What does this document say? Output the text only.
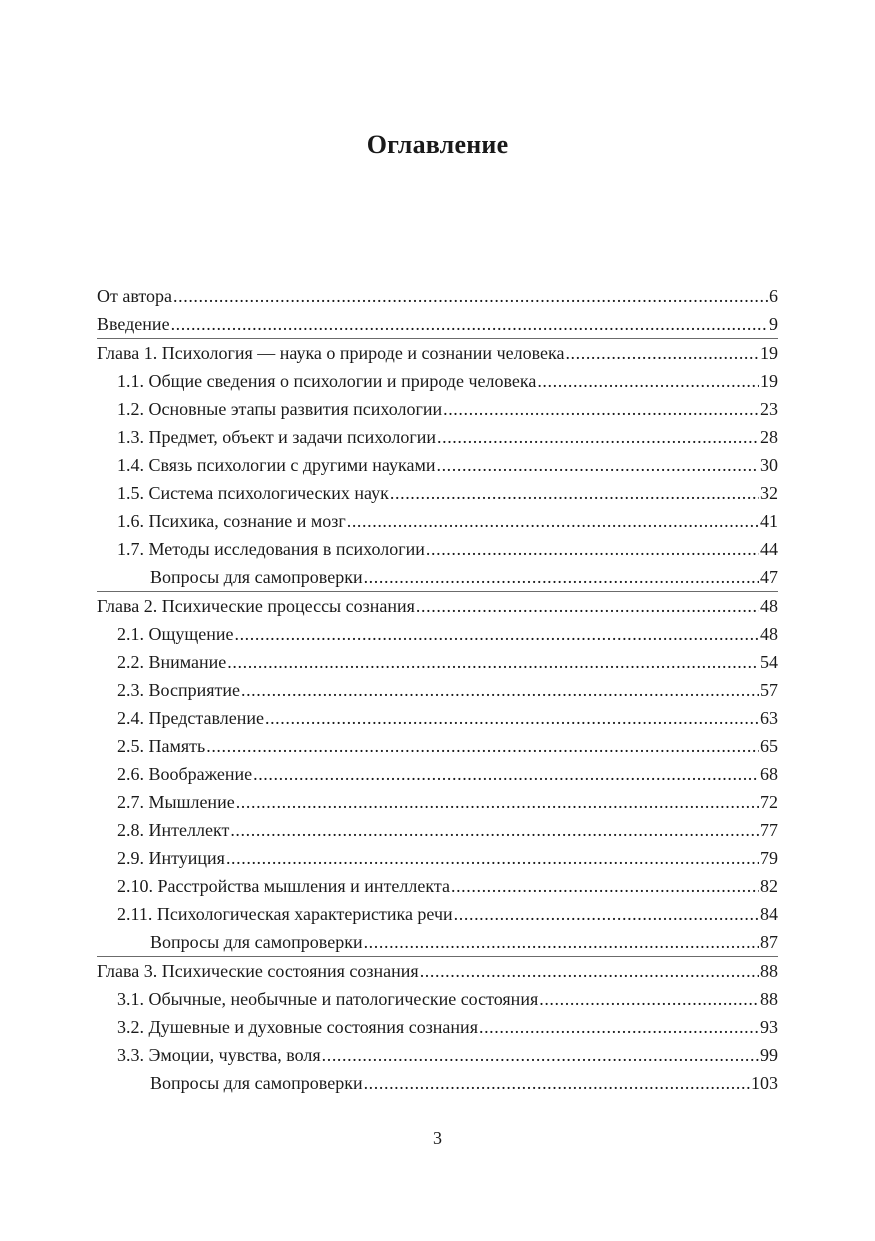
Оглавление
От автора .....	6
Введение .....	9
Глава 1. Психология — наука о природе и сознании человека .....	19
1.1. Общие сведения о психологии и природе человека .....	19
1.2. Основные этапы развития психологии .....	23
1.3. Предмет, объект и задачи психологии .....	28
1.4. Связь психологии с другими науками .....	30
1.5. Система психологических наук .....	32
1.6. Психика, сознание и мозг .....	41
1.7. Методы исследования в психологии .....	44
Вопросы для самопроверки .....	47
Глава 2. Психические процессы сознания .....	48
2.1. Ощущение .....	48
2.2. Внимание .....	54
2.3. Восприятие .....	57
2.4. Представление .....	63
2.5. Память .....	65
2.6. Воображение .....	68
2.7. Мышление .....	72
2.8. Интеллект .....	77
2.9. Интуиция .....	79
2.10. Расстройства мышления и интеллекта .....	82
2.11. Психологическая характеристика речи .....	84
Вопросы для самопроверки .....	87
Глава 3. Психические состояния сознания .....	88
3.1. Обычные, необычные и патологические состояния .....	88
3.2. Душевные и духовные состояния сознания .....	93
3.3. Эмоции, чувства, воля .....	99
Вопросы для самопроверки .....	103
3
